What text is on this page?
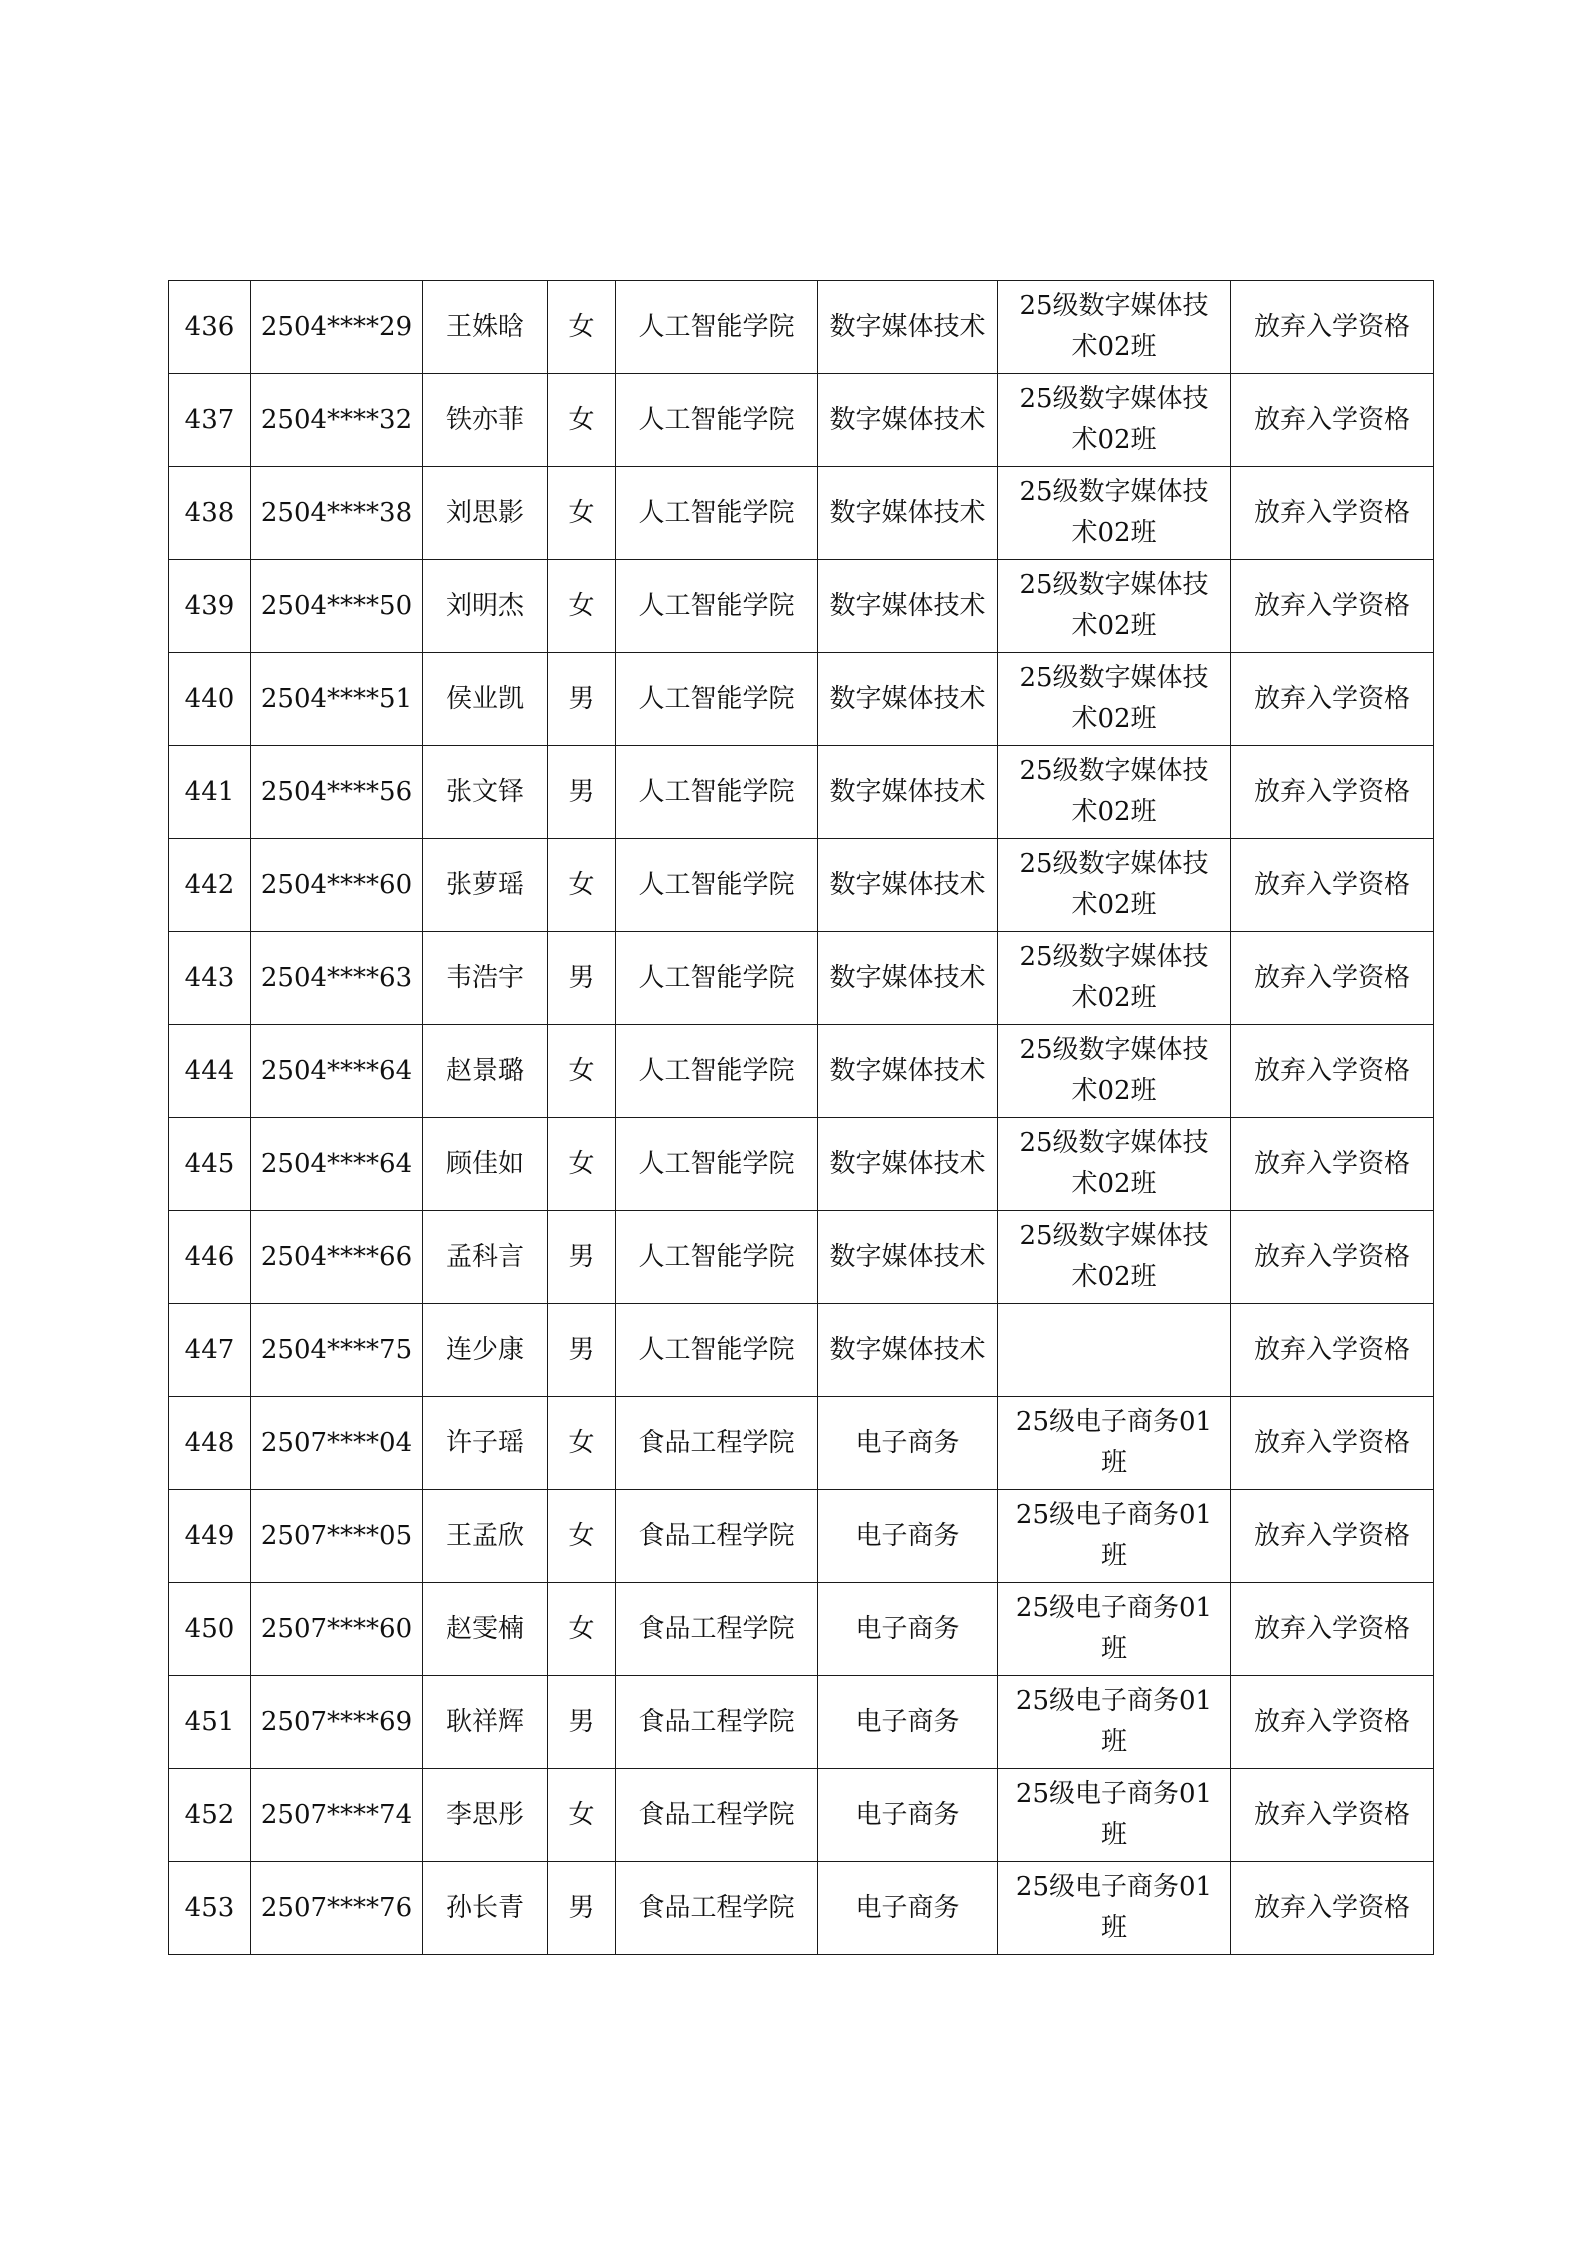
436	2504****29	王姝晗	女	人工智能学院	数字媒体技术	25级数字媒体技术02班	放弃入学资格
437	2504****32	铁亦菲	女	人工智能学院	数字媒体技术	25级数字媒体技术02班	放弃入学资格
438	2504****38	刘思影	女	人工智能学院	数字媒体技术	25级数字媒体技术02班	放弃入学资格
439	2504****50	刘明杰	女	人工智能学院	数字媒体技术	25级数字媒体技术02班	放弃入学资格
440	2504****51	侯业凯	男	人工智能学院	数字媒体技术	25级数字媒体技术02班	放弃入学资格
441	2504****56	张文铎	男	人工智能学院	数字媒体技术	25级数字媒体技术02班	放弃入学资格
442	2504****60	张萝瑶	女	人工智能学院	数字媒体技术	25级数字媒体技术02班	放弃入学资格
443	2504****63	韦浩宇	男	人工智能学院	数字媒体技术	25级数字媒体技术02班	放弃入学资格
444	2504****64	赵景璐	女	人工智能学院	数字媒体技术	25级数字媒体技术02班	放弃入学资格
445	2504****64	顾佳如	女	人工智能学院	数字媒体技术	25级数字媒体技术02班	放弃入学资格
446	2504****66	孟科言	男	人工智能学院	数字媒体技术	25级数字媒体技术02班	放弃入学资格
447	2504****75	连少康	男	人工智能学院	数字媒体技术		放弃入学资格
448	2507****04	许子瑶	女	食品工程学院	电子商务	25级电子商务01班	放弃入学资格
449	2507****05	王孟欣	女	食品工程学院	电子商务	25级电子商务01班	放弃入学资格
450	2507****60	赵雯楠	女	食品工程学院	电子商务	25级电子商务01班	放弃入学资格
451	2507****69	耿祥辉	男	食品工程学院	电子商务	25级电子商务01班	放弃入学资格
452	2507****74	李思彤	女	食品工程学院	电子商务	25级电子商务01班	放弃入学资格
453	2507****76	孙长青	男	食品工程学院	电子商务	25级电子商务01班	放弃入学资格
